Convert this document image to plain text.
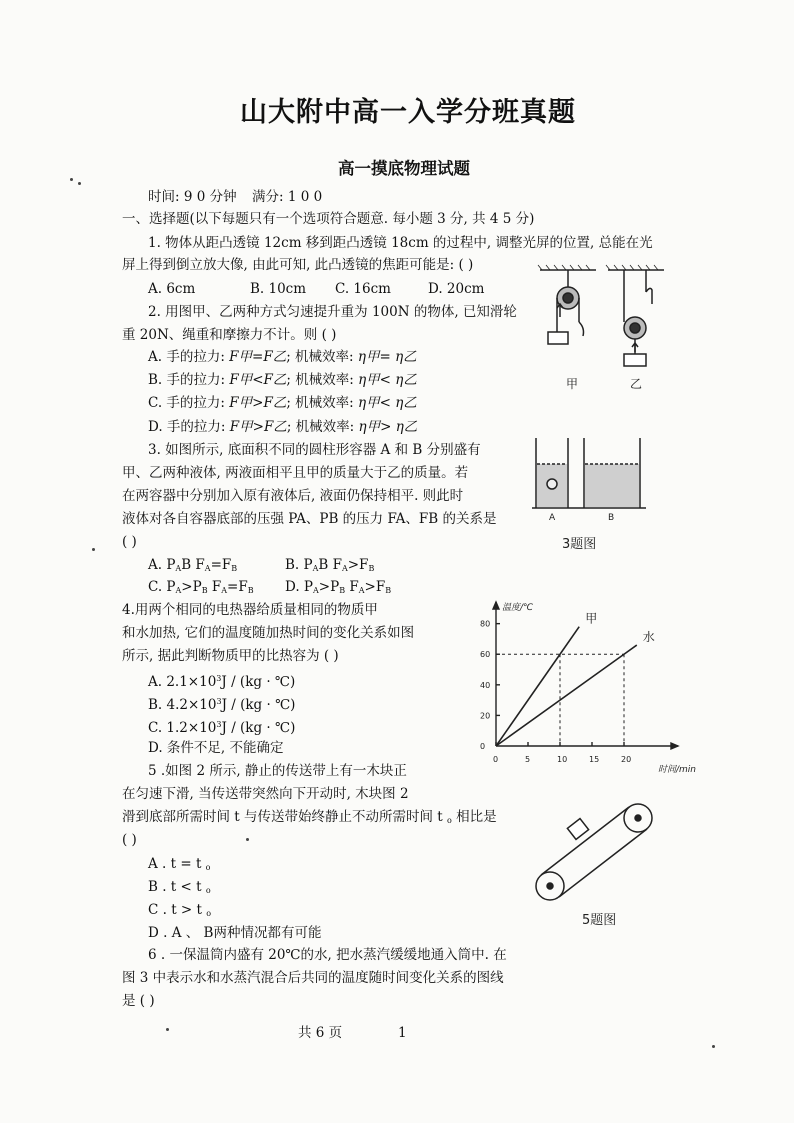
山大附中高一入学分班真题
高一摸底物理试题
时间: 9 0 分钟 满分: 1 0 0
一、选择题(以下每题只有一个选项符合题意. 每小题 3 分, 共 4 5 分)
1. 物体从距凸透镜 12cm 移到距凸透镜 18cm 的过程中, 调整光屏的位置, 总能在光
屏上得到倒立放大像, 由此可知, 此凸透镜的焦距可能是: ( )
A. 6cm	B. 10cm C. 16cm	D. 20cm
2. 用图甲、乙两种方式匀速提升重为 100N 的物体, 已知滑轮
重 20N、绳重和摩擦力不计。则 ( )
A. 手的拉力: F甲=F乙; 机械效率: η甲= η乙
B. 手的拉力: F甲<F乙; 机械效率: η甲< η乙
C. 手的拉力: F甲>F乙; 机械效率: η甲< η乙
D. 手的拉力: F甲>F乙; 机械效率: η甲> η乙
甲	乙
3. 如图所示, 底面积不同的圆柱形容器 A 和 B 分别盛有
甲、乙两种液体, 两液面相平且甲的质量大于乙的质量。若
在两容器中分别加入原有液体后, 液面仍保持相平. 则此时
液体对各自容器底部的压强 PA、PB 的压力 FA、FB 的关系是
( )
A. $P_AB$ $F_A=F_B$	B. $P_AB$ $F_A>F_B$
C. $P_A>P_B$ $F_A=F_B$ D. $P_A>P_B$ $F_A>F_B$
A	B
3题图
4.用两个相同的电热器给质量相同的物质甲
和水加热, 它们的温度随加热时间的变化关系如图
所示, 据此判断物质甲的比热容为 ( )
A. $2.1\times 10^3J / (kg$ · ℃)
B. $4.2\times 10^3J / (kg$ · ℃)
C. $1.2\times 10^3J / (kg$ · ℃)
D. 条件不足, 不能确定
0	5	10	15	20
0
20
40
60
80	甲
水
温度/℃
时间/min
5 .如图 2 所示, 静止的传送带上有一木块正
在匀速下滑, 当传送带突然向下开动时, 木块图 2
滑到底部所需时间 t 与传送带始终静止不动所需时间 t $_o$ 相比是
( )
A . t = t $_o$
B . t < t $_o$
C . t > t $_o$
D . A 、 B两种情况都有可能
5题图
6 . 一保温筒内盛有 20℃的水, 把水蒸汽缓缓地通入筒中. 在
图 3 中表示水和水蒸汽混合后共同的温度随时间变化关系的图线
是 ( )
共 6 页	1
